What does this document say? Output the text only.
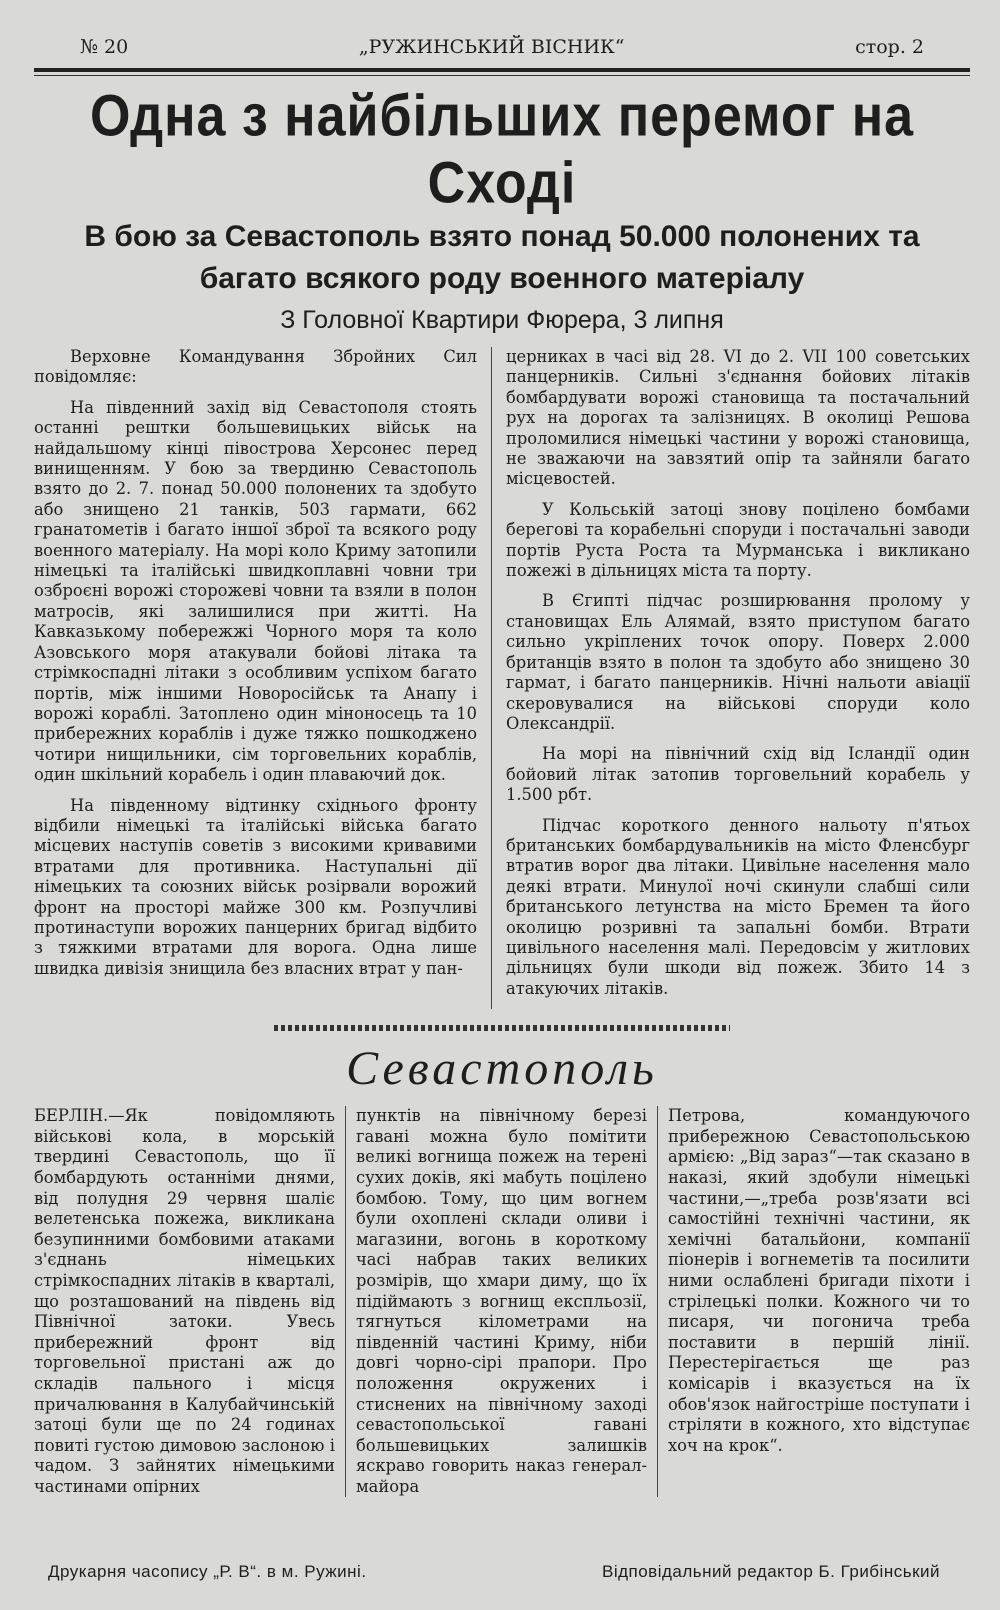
№ 20	„РУЖИНСЬКИЙ ВІСНИК“	стор. 2
Одна з найбільших перемог на Сході
В бою за Севастополь взято понад 50.000 полонених та багато всякого роду военного матеріалу
З Головної Квартири Фюрера, 3 липня

Верховне Командування Збройних Сил повідомляє:

На південний захід від Севастополя стоять останні рештки большевицьких військ на найдальшому кінці півострова Херсонес перед винищенням. У бою за твердиню Севастополь взято до 2. 7. понад 50.000 полонених та здобуто або знищено 21 танків, 503 гармати, 662 гранатометів і багато іншої зброї та всякого роду военного матеріалу. На морі коло Криму затопили німецькі та італійські швидкоплавні човни три озброєні ворожі сторожеві човни та взяли в полон матросів, які залишилися при житті. На Кавказькому побережжі Чорного моря та коло Азовського моря атакували бойові літака та стрімкоспадні літаки з особливим успіхом багато портів, між іншими Новоросійськ та Анапу і ворожі кораблі. Затоплено один міноносець та 10 прибережних кораблів і дуже тяжко пошкоджено чотири нищильники, сім торговельних кораблів, один шкільний корабель і один плаваючий док.

На південному відтинку східнього фронту відбили німецькі та італійські війська багато місцевих наступів советів з високими кривавими втратами для противника. Наступальні дії німецьких та союзних військ розірвали ворожий фронт на просторі майже 300 км. Розпучливі протинаступи ворожих панцерних бригад відбито з тяжкими втратами для ворога. Одна лише швидка дивізія знищила без власних втрат у пан-

церниках в часі від 28. VI до 2. VII 100 советських панцерників. Сильні з'єднання бойових літаків бомбардувати ворожі становища та постачальний рух на дорогах та залізницях. В околиці Решова проломилися німецькі частини у ворожі становища, не зважаючи на завзятий опір та зайняли багато місцевостей.

У Кольській затоці знову поцілено бомбами берегові та корабельні споруди і постачальні заводи портів Руста Роста та Мурманська і викликано пожежі в дільницях міста та порту.

В Єгипті підчас розширювання пролому у становищах Ель Алямай, взято приступом багато сильно укріплених точок опору. Поверх 2.000 британців взято в полон та здобуто або знищено 30 гармат, і багато панцерників. Нічні нальоти авіації скеровувалися на військові споруди коло Олександрії.

На морі на північний схід від Ісландії один бойовий літак затопив торговельний корабель у 1.500 рбт.

Підчас короткого денного нальоту п'ятьох британських бомбардувальників на місто Фленсбург втратив ворог два літаки. Цивільне населення мало деякі втрати. Минулої ночі скинули слабші сили британського летунства на місто Бремен та його околицю розривні та запальні бомби. Втрати цивільного населення малі. Передовсім у житлових дільницях були шкоди від пожеж. Збито 14 з атакуючих літаків.

Севастополь

БЕРЛІН.—Як повідомляють військові кола, в морській твердині Севастополь, що її бомбардують останніми днями, від полудня 29 червня шаліє велетенська пожежа, викликана безупинними бомбовими атаками з'єднань німецьких стрімкоспадних літаків в кварталі, що розташований на південь від Північної затоки. Увесь прибережний фронт від торговельної пристані аж до складів пального і місця причалювання в Калубайчинській затоці були ще по 24 годинах повиті густою димовою заслоною і чадом. З зайнятих німецькими частинами опірних

пунктів на північному березі гавані можна було помітити великі вогнища пожеж на терені сухих доків, які мабуть поцілено бомбою. Тому, що цим вогнем були охоплені склади оливи і магазини, вогонь в короткому часі набрав таких великих розмірів, що хмари диму, що їх підіймають з вогнищ експльозії, тягнуться кілометрами на південній частині Криму, ніби довгі чорно-сірі прапори. Про положення окружених і стиснених на північному заході севастопольської гавані большевицьких залишків яскраво говорить наказ генерал-майора

Петрова, командуючого прибережною Севастопольською армією: „Від зараз“—так сказано в наказі, який здобули німецькі частини,—„треба розв'язати всі самостійні технічні частини, як хемічні батальйони, компанії піонерів і вогнеметів та посилити ними ослаблені бригади піхоти і стрілецькі полки. Кожного чи то писаря, чи погонича треба поставити в першій лінії. Перестерігається ще раз комісарів і вказується на їх обов'язок найгостріше поступати і стріляти в кожного, хто відступає хоч на крок“.

Друкарня часопису „Р. В“. в м. Ружині.	Відповідальний редактор Б. Грибінський
